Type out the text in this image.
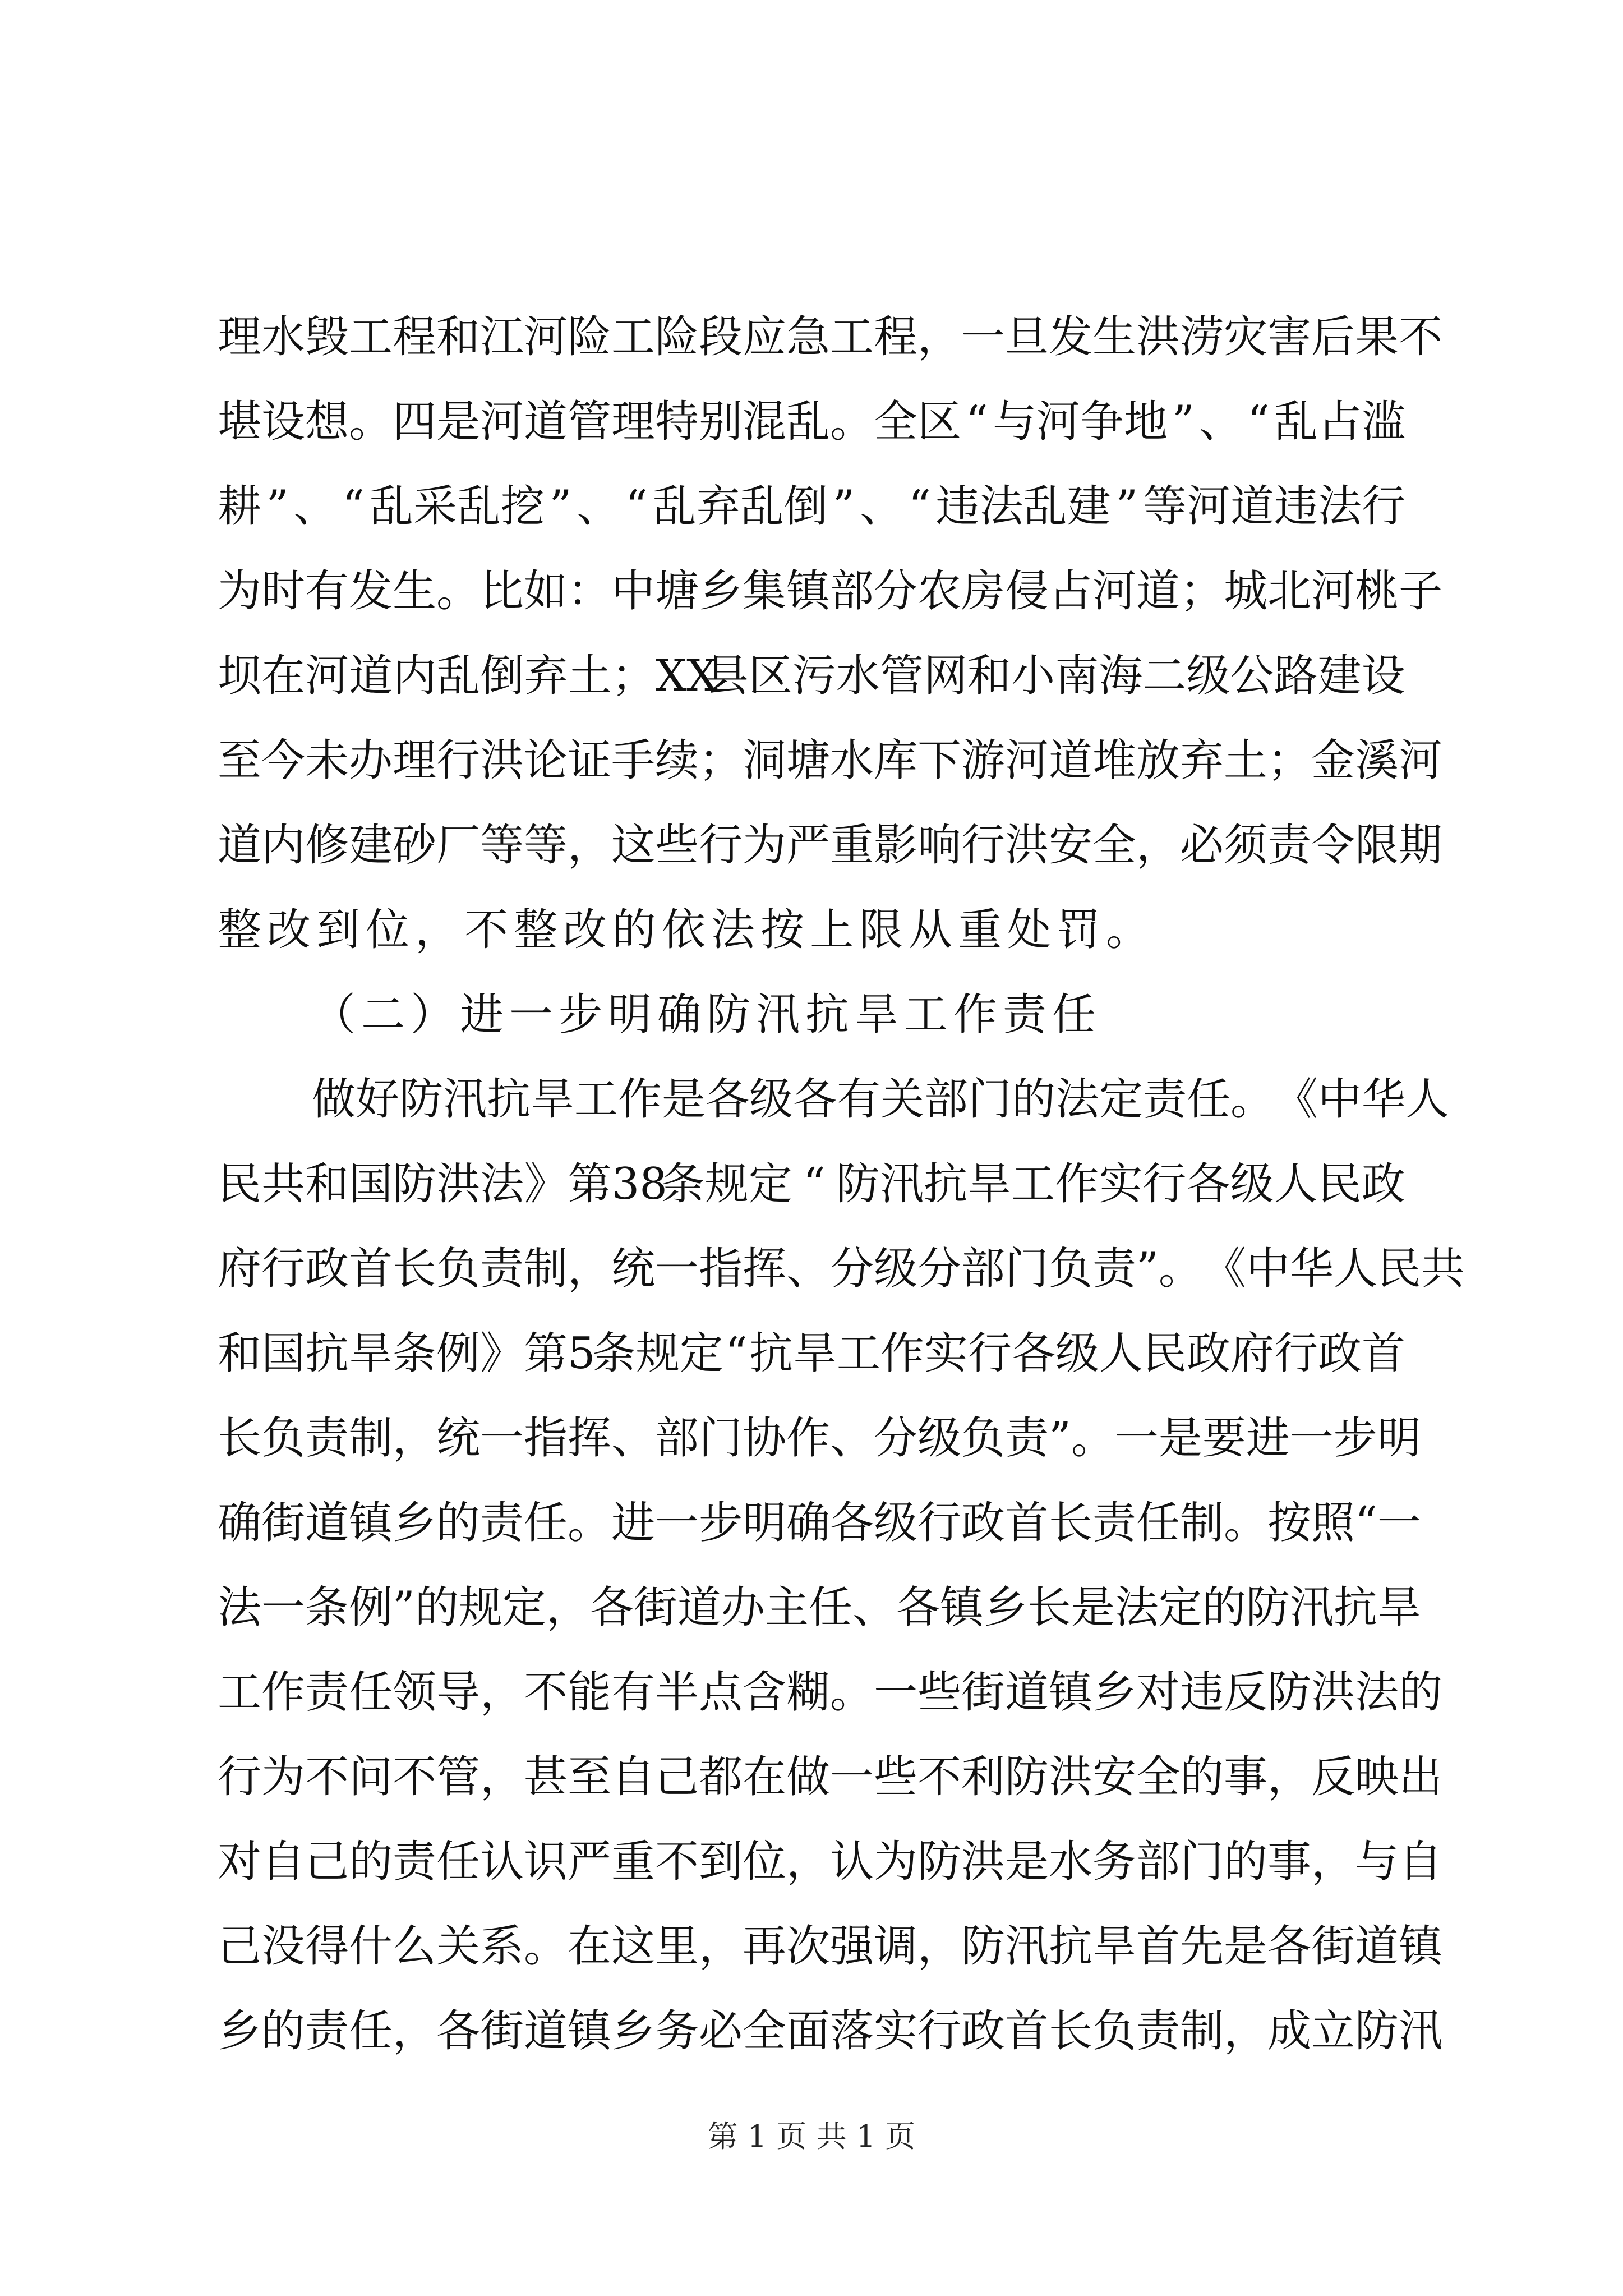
理 水 毁 工 程 和 江 河 险 工 险 段 应 急 工 程 ， 一 旦 发 生 洪 涝 灾 害 后 果 不
堪 设 想 。 四 是 河 道 管 理 特 别 混 乱 。 全 区 “ 与 河 争 地 ” 、 “ 乱 占 滥
耕 ” 、 “ 乱 采 乱 挖 ” 、 “ 乱 弃 乱 倒 ” 、 “ 违 法 乱 建 ” 等 河 道 违 法 行
为 时 有 发 生 。 比 如 ： 中 塘 乡 集 镇 部 分 农 房 侵 占 河 道 ； 城 北 河 桃 子
坝 在 河 道 内 乱 倒 弃 土 ； XX
县 区 污 水 管 网 和 小 南 海 二 级 公 路 建 设
至 今 未 办 理 行 洪 论 证 手 续 ； 洞 塘 水 库 下 游 河 道 堆 放 弃 土 ； 金 溪 河
道 内 修 建 砂 厂 等 等 ， 这 些 行 为 严 重 影 响 行 洪 安 全 ， 必 须 责 令 限 期
整改到位，不整改的依法按上限从重处罚。
（二）进一步明确防汛抗旱工作责任
做 好 防 汛 抗 旱 工 作 是 各 级 各 有 关 部 门 的 法 定 责 任 。 《 中 华 人
民 共 和 国 防 洪 法 》 第 38
条 规 定 “ 防 汛 抗 旱 工 作 实 行 各 级 人 民 政
府 行 政 首 长 负 责 制 ， 统 一 指 挥 、 分 级 分 部 门 负 责 ” 。 《 中 华 人 民 共
和 国 抗 旱 条 例 》 第 5
条 规 定 “ 抗 旱 工 作 实 行 各 级 人 民 政 府 行 政 首
长 负 责 制 ， 统 一 指 挥 、 部 门 协 作 、 分 级 负 责 ” 。 一 是 要 进 一 步 明
确 街 道 镇 乡 的 责 任 。 进 一 步 明 确 各 级 行 政 首 长 责 任 制 。 按 照 “ 一
法 一 条 例 ” 的 规 定 ， 各 街 道 办 主 任 、 各 镇 乡 长 是 法 定 的 防 汛 抗 旱
工 作 责 任 领 导 ， 不 能 有 半 点 含 糊 。 一 些 街 道 镇 乡 对 违 反 防 洪 法 的
行 为 不 问 不 管 ， 甚 至 自 己 都 在 做 一 些 不 利 防 洪 安 全 的 事 ， 反 映 出
对 自 己 的 责 任 认 识 严 重 不 到 位 ， 认 为 防 洪 是 水 务 部 门 的 事 ， 与 自
己 没 得 什 么 关 系 。 在 这 里 ， 再 次 强 调 ， 防 汛 抗 旱 首 先 是 各 街 道 镇
乡 的 责 任 ， 各 街 道 镇 乡 务 必 全 面 落 实 行 政 首 长 负 责 制 ， 成 立 防 汛
第 1 页 共 1 页
